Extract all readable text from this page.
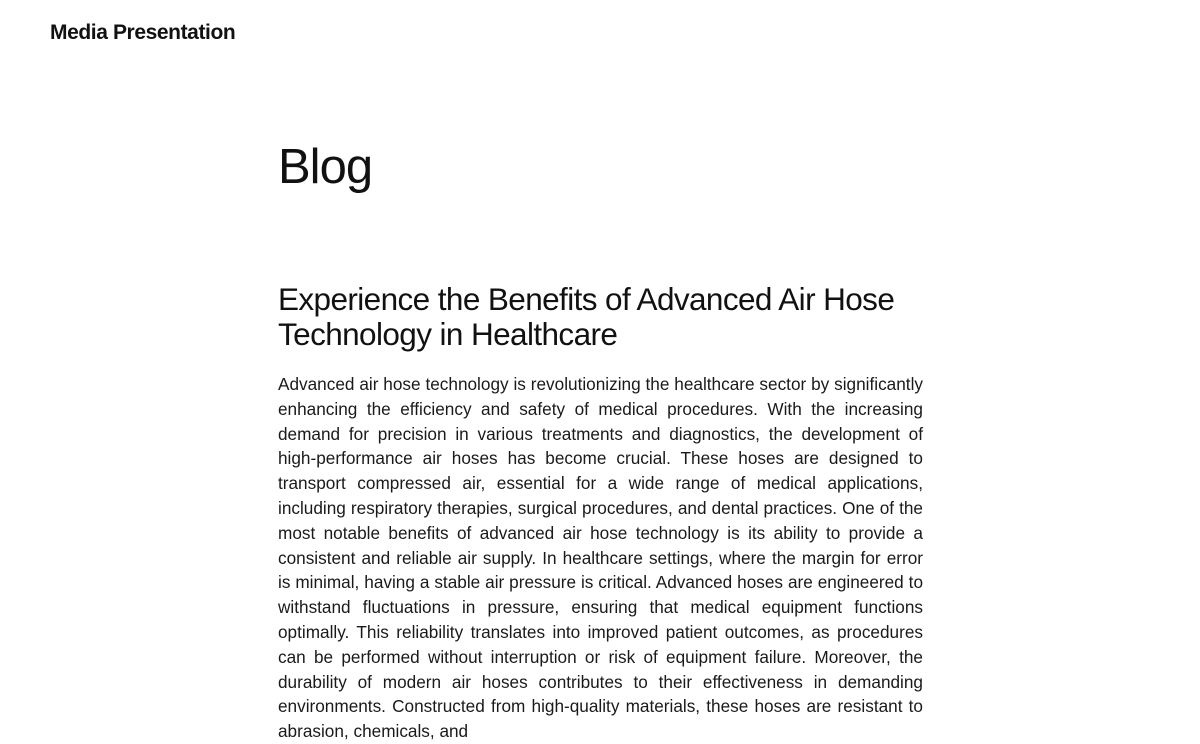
Media Presentation
Blog
Experience the Benefits of Advanced Air Hose Technology in Healthcare

Advanced air hose technology is revolutionizing the healthcare sector by significantly enhancing the efficiency and safety of medical procedures. With the increasing demand for precision in various treatments and diagnostics, the development of high-performance air hoses has become crucial. These hoses are designed to transport compressed air, essential for a wide range of medical applications, including respiratory therapies, surgical procedures, and dental practices. One of the most notable benefits of advanced air hose technology is its ability to provide a consistent and reliable air supply. In healthcare settings, where the margin for error is minimal, having a stable air pressure is critical. Advanced hoses are engineered to withstand fluctuations in pressure, ensuring that medical equipment functions optimally. This reliability translates into improved patient outcomes, as procedures can be performed without interruption or risk of equipment failure. Moreover, the durability of modern air hoses contributes to their effectiveness in demanding environments. Constructed from high-quality materials, these hoses are resistant to abrasion, chemicals, and
